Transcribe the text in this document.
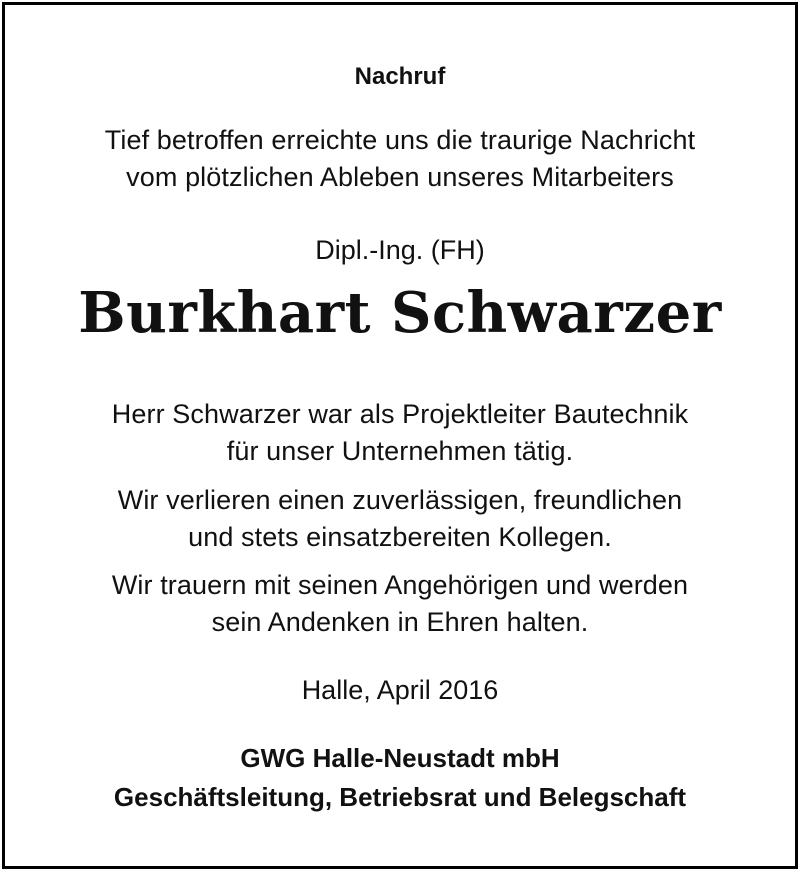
Nachruf
Tief betroffen erreichte uns die traurige Nachricht
vom plötzlichen Ableben unseres Mitarbeiters
Dipl.-Ing. (FH)
Burkhart Schwarzer
Herr Schwarzer war als Projektleiter Bautechnik
für unser Unternehmen tätig.
Wir verlieren einen zuverlässigen, freundlichen
und stets einsatzbereiten Kollegen.
Wir trauern mit seinen Angehörigen und werden
sein Andenken in Ehren halten.
Halle, April 2016
GWG Halle-Neustadt mbH
Geschäftsleitung, Betriebsrat und Belegschaft
